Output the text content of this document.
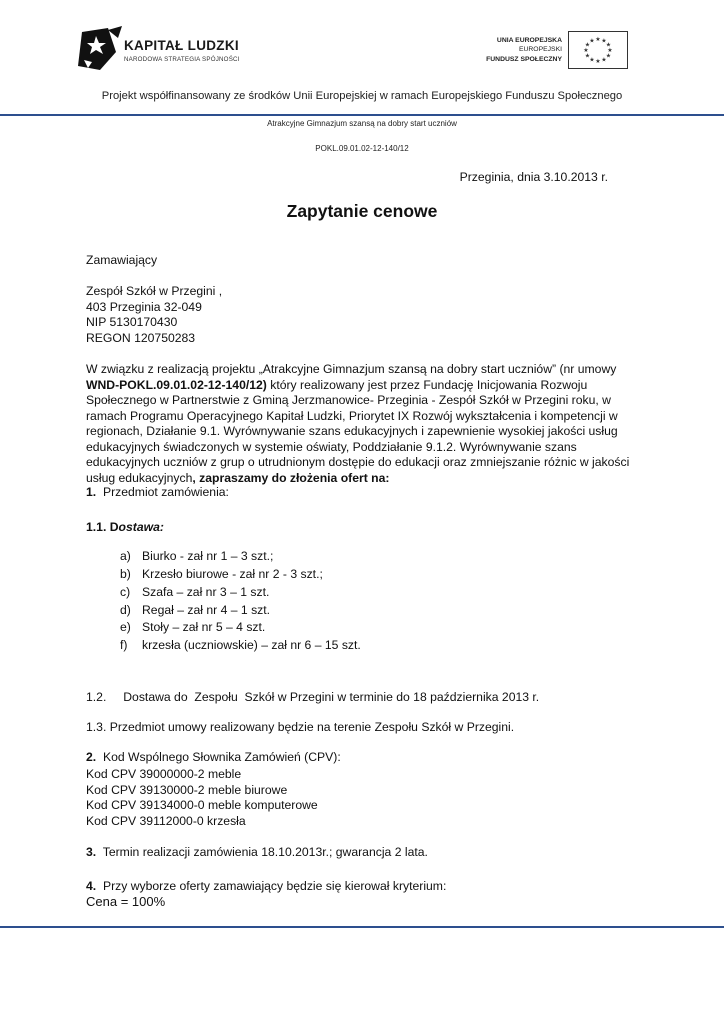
KAPITAŁ LUDZKI
NARODOWA STRATEGIA SPÓJNOŚCI
UNIA EUROPEJSKA
EUROPEJSKI
FUNDUSZ SPOŁECZNY
★ ★
★
★
★
★
★
★
★
★
★
★
Projekt współfinansowany ze środków Unii Europejskiej w ramach Europejskiego Funduszu Społecznego
Atrakcyjne Gimnazjum szansą na dobry start uczniów
POKL.09.01.02-12-140/12
Przeginia, dnia 3.10.2013 r.
Zapytanie cenowe
Zamawiający
Zespół Szkół w Przegini ,
403 Przeginia 32-049
NIP 5130170430
REGON 120750283
W związku z realizacją projektu „Atrakcyjne Gimnazjum szansą na dobry start uczniów” (nr umowy WND-POKL.09.01.02-12-140/12) który realizowany jest przez Fundację Inicjowania Rozwoju Społecznego w Partnerstwie z Gminą Jerzmanowice- Przeginia - Zespół Szkół w Przegini roku, w ramach Programu Operacyjnego Kapitał Ludzki, Priorytet IX Rozwój wykształcenia i kompetencji w regionach, Działanie 9.1. Wyrównywanie szans edukacyjnych i zapewnienie wysokiej jakości usług edukacyjnych świadczonych w systemie oświaty, Poddziałanie 9.1.2. Wyrównywanie szans edukacyjnych uczniów z grup o utrudnionym dostępie do edukacji oraz zmniejszanie różnic w jakości usług edukacyjnych, zapraszamy do złożenia ofert na:
1. Przedmiot zamówienia:
1.1. Dostawa:
a) Biurko - zał nr 1 – 3 szt.;
b) Krzesło biurowe - zał nr 2 - 3 szt.;
c) Szafa – zał nr 3 – 1 szt.
d) Regał – zał nr 4 – 1 szt.
e) Stoły – zał nr 5 – 4 szt.
f) krzesła (uczniowskie) – zał nr 6 – 15 szt.
1.2.     Dostawa do  Zespołu  Szkół w Przegini w terminie do 18 października 2013 r.
1.3. Przedmiot umowy realizowany będzie na terenie Zespołu Szkół w Przegini.
2. Kod Wspólnego Słownika Zamówień (CPV):
Kod CPV 39000000-2 meble
Kod CPV 39130000-2 meble biurowe
Kod CPV 39134000-0 meble komputerowe
Kod CPV 39112000-0 krzesła
3. Termin realizacji zamówienia 18.10.2013r.; gwarancja 2 lata.
4. Przy wyborze oferty zamawiający będzie się kierował kryterium:
Cena = 100%
